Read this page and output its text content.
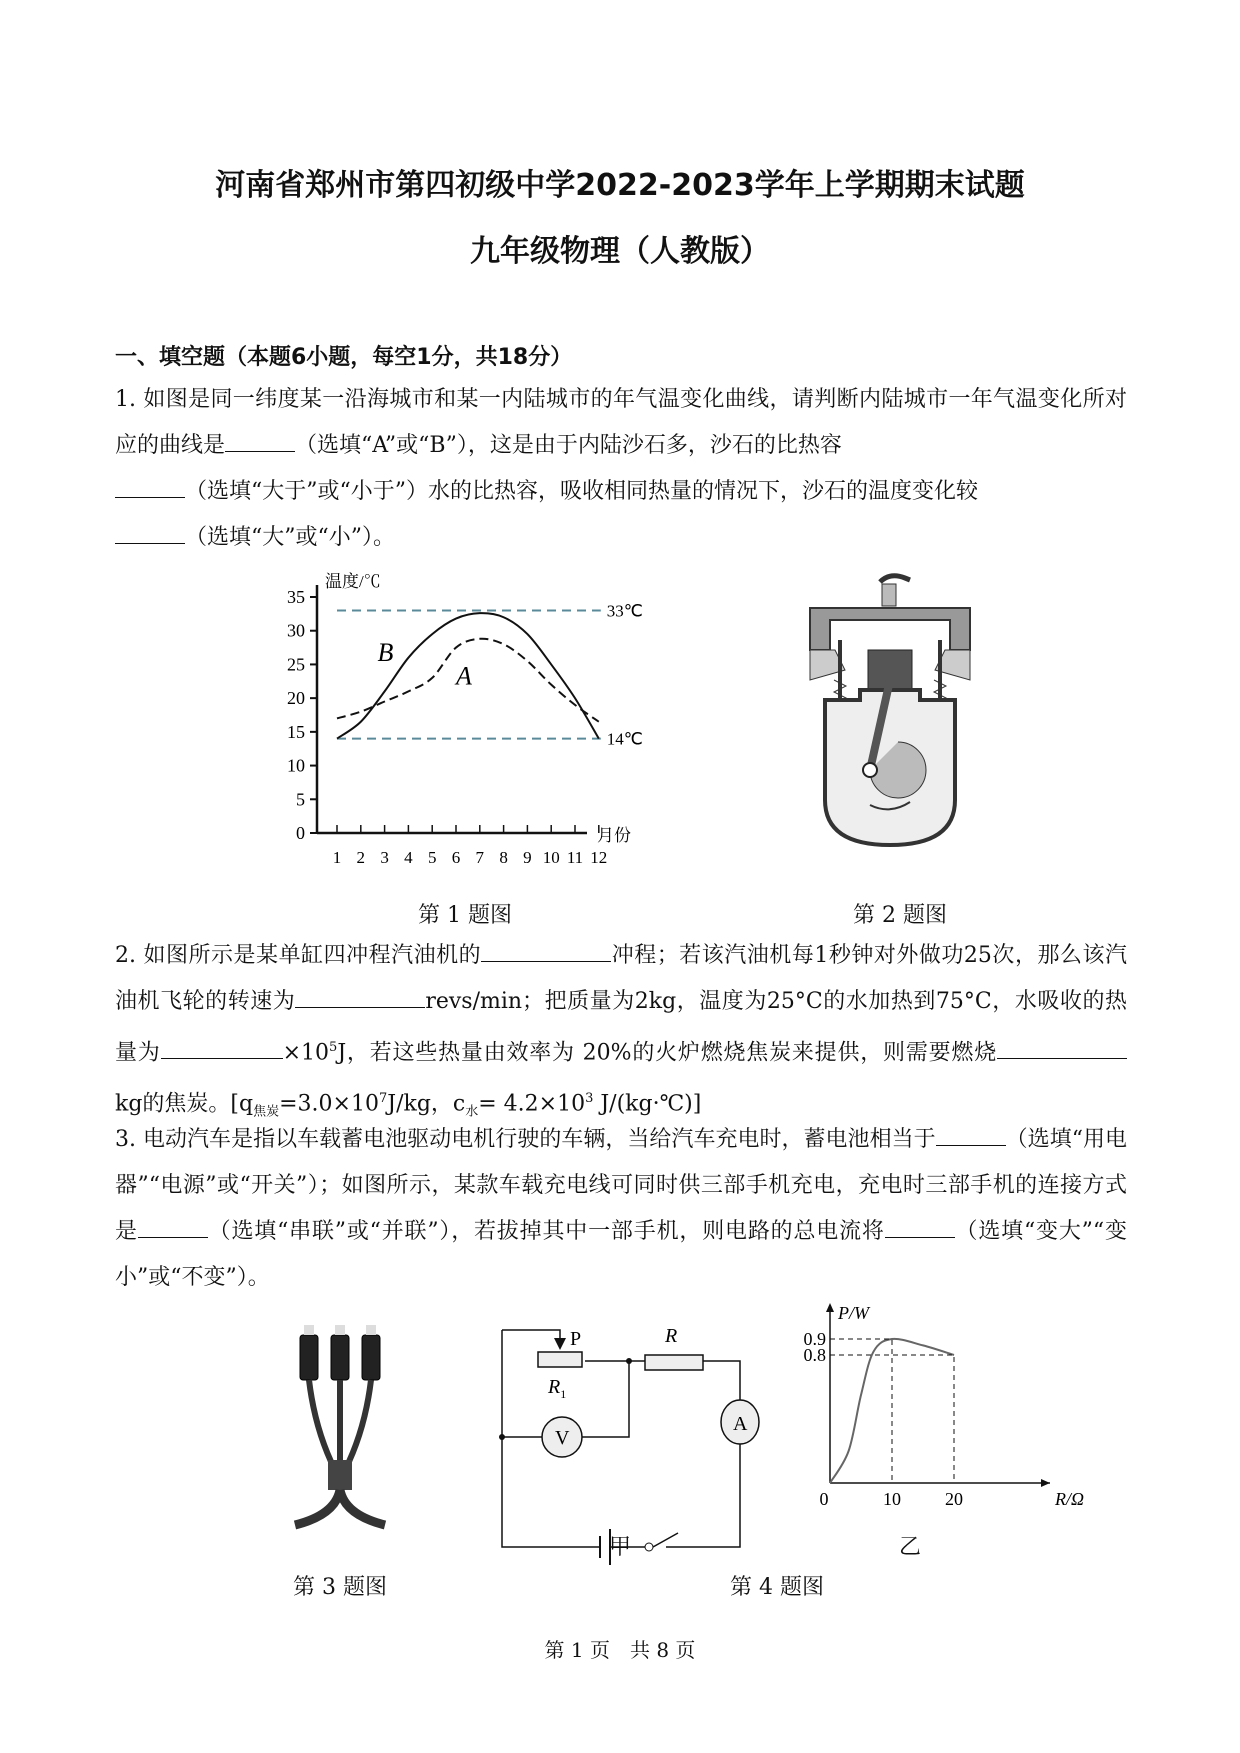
河南省郑州市第四初级中学2022-2023学年上学期期末试题
九年级物理（人教版）
一、填空题（本题6小题，每空1分，共18分）
1. 如图是同一纬度某一沿海城市和某一内陆城市的年气温变化曲线，请判断内陆城市一年气温变化所对应的曲线是	（选填“A”或“B”），这是由于内陆沙石多，沙石的比热容
（选填“大于”或“小于”）水的比热容，吸收相同热量的情况下，沙石的温度变化较
（选填“大”或“小”）。
0
5
10
15
20
25
30
35
1 2 3 4 5 6 7 8 9 10 11 12
温度/℃
月份
33℃
14℃
B
A
第 1 题图	第 2 题图
2. 如图所示是某单缸四冲程汽油机的	冲程；若该汽油机每1秒钟对外做功25次，那么该汽油机飞轮的转速为	revs/min；把质量为2kg，温度为25°C的水加热到75°C，水吸收的热量为	$\times 10^5J$，若这些热量由效率为 20%的火炉燃烧焦炭来提供，则需要燃烧kg的焦炭。[$q_{焦炭}=3.0\times 10^7J/kg$，$c_水= 4.2\times 10^3$ J/(kg·℃)]
3. 电动汽车是指以车载蓄电池驱动电机行驶的车辆，当给汽车充电时，蓄电池相当于	（选填“用电器”“电源”或“开关”）；如图所示，某款车载充电线可同时供三部手机充电，充电时三部手机的连接方式是	（选填“串联”或“并联”），若拔掉其中一部手机，则电路的总电流将	（选填“变大”“变小”或“不变”）。
P	R
$R_1$
V
A
0	10 20
0.8
0.9
P/W
R/Ω
甲	乙
第 3 题图	第 4 题图
第 1 页　共 8 页
